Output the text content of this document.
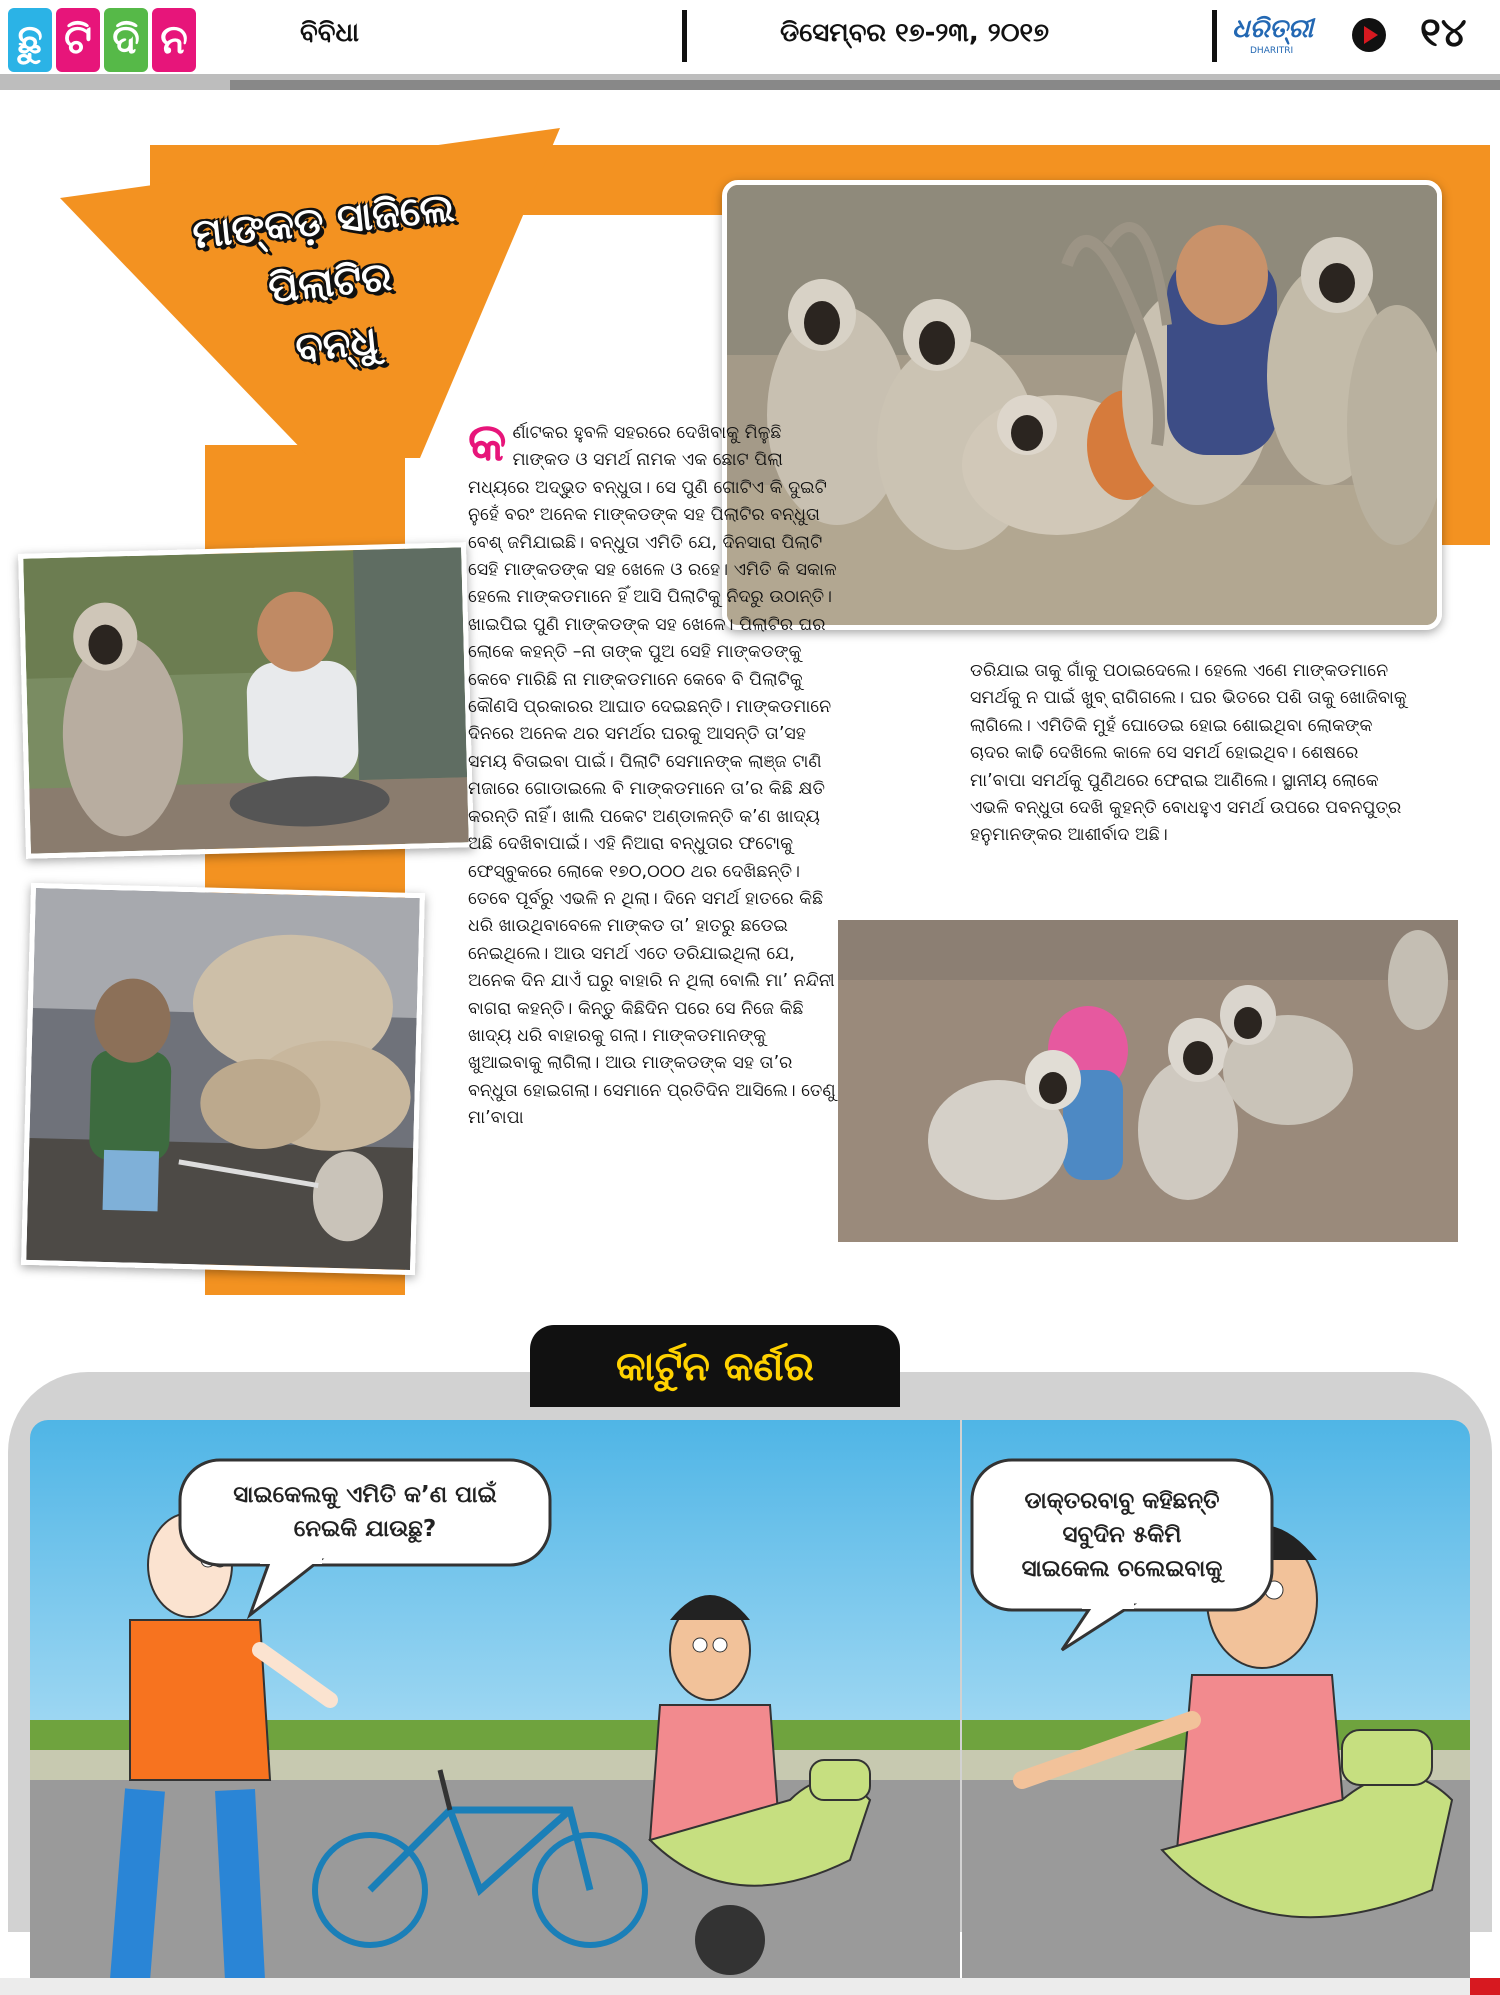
ଛୁ ଟି ଦି ନ	ବିବିଧା	ଡିସେମ୍ବର ୧୭-୨୩, ୨୦୧୭	ଧରିତ୍ରୀ
DHARITRI	୧୪
ମାଙ୍କଡ଼ ସାଜିଲେ
ପିଲାଟିର
ବନ୍ଧୁ

କର୍ଣାଟକର ହୁବଳି ସହରରେ ଦେଖିବାକୁ ମିଳୁଛି ମାଙ୍କଡ ଓ ସମର୍ଥ ନାମକ ଏକ ଛୋଟ ପିଲା ମଧ୍ୟରେ ଅଦ୍ଭୁତ ବନ୍ଧୁତା। ସେ ପୁଣି ଗୋଟିଏ କି ଦୁଇଟି ନୁହେଁ ବରଂ ଅନେକ ମାଙ୍କଡଙ୍କ ସହ ପିଲାଟିର ବନ୍ଧୁତା ବେଶ୍ ଜମିଯାଇଛି। ବନ୍ଧୁତା ଏମିତି ଯେ, ଦିନସାରା ପିଲାଟି ସେହି ମାଙ୍କଡଙ୍କ ସହ ଖେଳେ ଓ ରହେ। ଏମିତି କି ସକାଳ ହେଲେ ମାଙ୍କଡମାନେ ହିଁ ଆସି ପିଲାଟିକୁ ନିଦରୁ ଉଠାନ୍ତି। ଖାଇପିଇ ପୁଣି ମାଙ୍କଡଙ୍କ ସହ ଖେଳେ। ପିଲାଟିର ଘର ଲୋକେ କହନ୍ତି –ନା ତାଙ୍କ ପୁଅ ସେହି ମାଙ୍କଡଙ୍କୁ କେବେ ମାରିଛି ନା ମାଙ୍କଡମାନେ କେବେ ବି ପିଲାଟିକୁ କୌଣସି ପ୍ରକାରର ଆଘାତ ଦେଇଛନ୍ତି। ମାଙ୍କଡମାନେ ଦିନରେ ଅନେକ ଥର ସମର୍ଥର ଘରକୁ ଆସନ୍ତି ତା’ସହ ସମୟ ବିତାଇବା ପାଇଁ। ପିଲାଟି ସେମାନଙ୍କ ଲାଞ୍ଜ ଟାଣି ମଜାରେ ଗୋଡାଇଲେ ବି ମାଙ୍କଡମାନେ ତା’ର କିଛି କ୍ଷତି କରନ୍ତି ନାହିଁ। ଖାଲି ପକେଟ ଅଣ୍ଡାଳନ୍ତି କ’ଣ ଖାଦ୍ୟ ଅଛି ଦେଖିବାପାଇଁ। ଏହି ନିଆରା ବନ୍ଧୁତାର ଫଟୋକୁ ଫେସ୍‌ବୁକରେ ଲୋକେ ୧୭୦,୦୦୦ ଥର ଦେଖିଛନ୍ତି। ତେବେ ପୂର୍ବରୁ ଏଭଳି ନ ଥିଲା। ଦିନେ ସମର୍ଥ ହାତରେ କିଛି ଧରି ଖାଉଥିବାବେଳେ ମାଙ୍କଡ ତା’ ହାତରୁ ଛଡେଇ ନେଇଥିଲେ। ଆଉ ସମର୍ଥ ଏତେ ଡରିଯାଇଥିଲା ଯେ, ଅନେକ ଦିନ ଯାଏଁ ଘରୁ ବାହାରି ନ ଥିଲା ବୋଲି ମା’ ନନ୍ଦିନୀ ବାଗରା କହନ୍ତି। କିନ୍ତୁ କିଛିଦିନ ପରେ ସେ ନିଜେ କିଛି ଖାଦ୍ୟ ଧରି ବାହାରକୁ ଗଲା। ମାଙ୍କଡମାନଙ୍କୁ ଖୁଆଇବାକୁ ଲାଗିଲା। ଆଉ ମାଙ୍କଡଙ୍କ ସହ ତା’ର ବନ୍ଧୁତା ହୋଇଗଲା। ସେମାନେ ପ୍ରତିଦିନ ଆସିଲେ। ତେଣୁ ମା’ବାପା

ଡରିଯାଇ ତାକୁ ଗାଁକୁ ପଠାଇଦେଲେ। ହେଲେ ଏଣେ ମାଙ୍କଡମାନେ ସମର୍ଥକୁ ନ ପାଇଁ ଖୁବ୍ ରାଗିଗଲେ। ଘର ଭିତରେ ପଶି ତାକୁ ଖୋଜିବାକୁ ଲାଗିଲେ। ଏମିତିକି ମୁହଁ ଘୋଡେଇ ହୋଇ ଶୋଇଥିବା ଲୋକଙ୍କ ଚାଦର କାଢି ଦେଖିଲେ କାଳେ ସେ ସମର୍ଥ ହୋଇଥିବ। ଶେଷରେ ମା’ବାପା ସମର୍ଥକୁ ପୁଣିଥରେ ଫେରାଇ ଆଣିଲେ। ସ୍ଥାନୀୟ ଲୋକେ ଏଭଳି ବନ୍ଧୁତା ଦେଖି କୁହନ୍ତି ବୋଧହୁଏ ସମର୍ଥ ଉପରେ ପବନପୁତ୍ର ହନୁମାନଙ୍କର ଆଶୀର୍ବାଦ ଅଛି।

କାର୍ଟୁନ କର୍ଣର
ସାଇକେଲକୁ ଏମିତି କ’ଣ ପାଇଁ
ନେଇକି ଯାଉଛୁ?
ଡାକ୍ତରବାବୁ କହିଛନ୍ତି
ସବୁଦିନ ୫କିମି
ସାଇକେଲ ଚଲେଇବାକୁ
